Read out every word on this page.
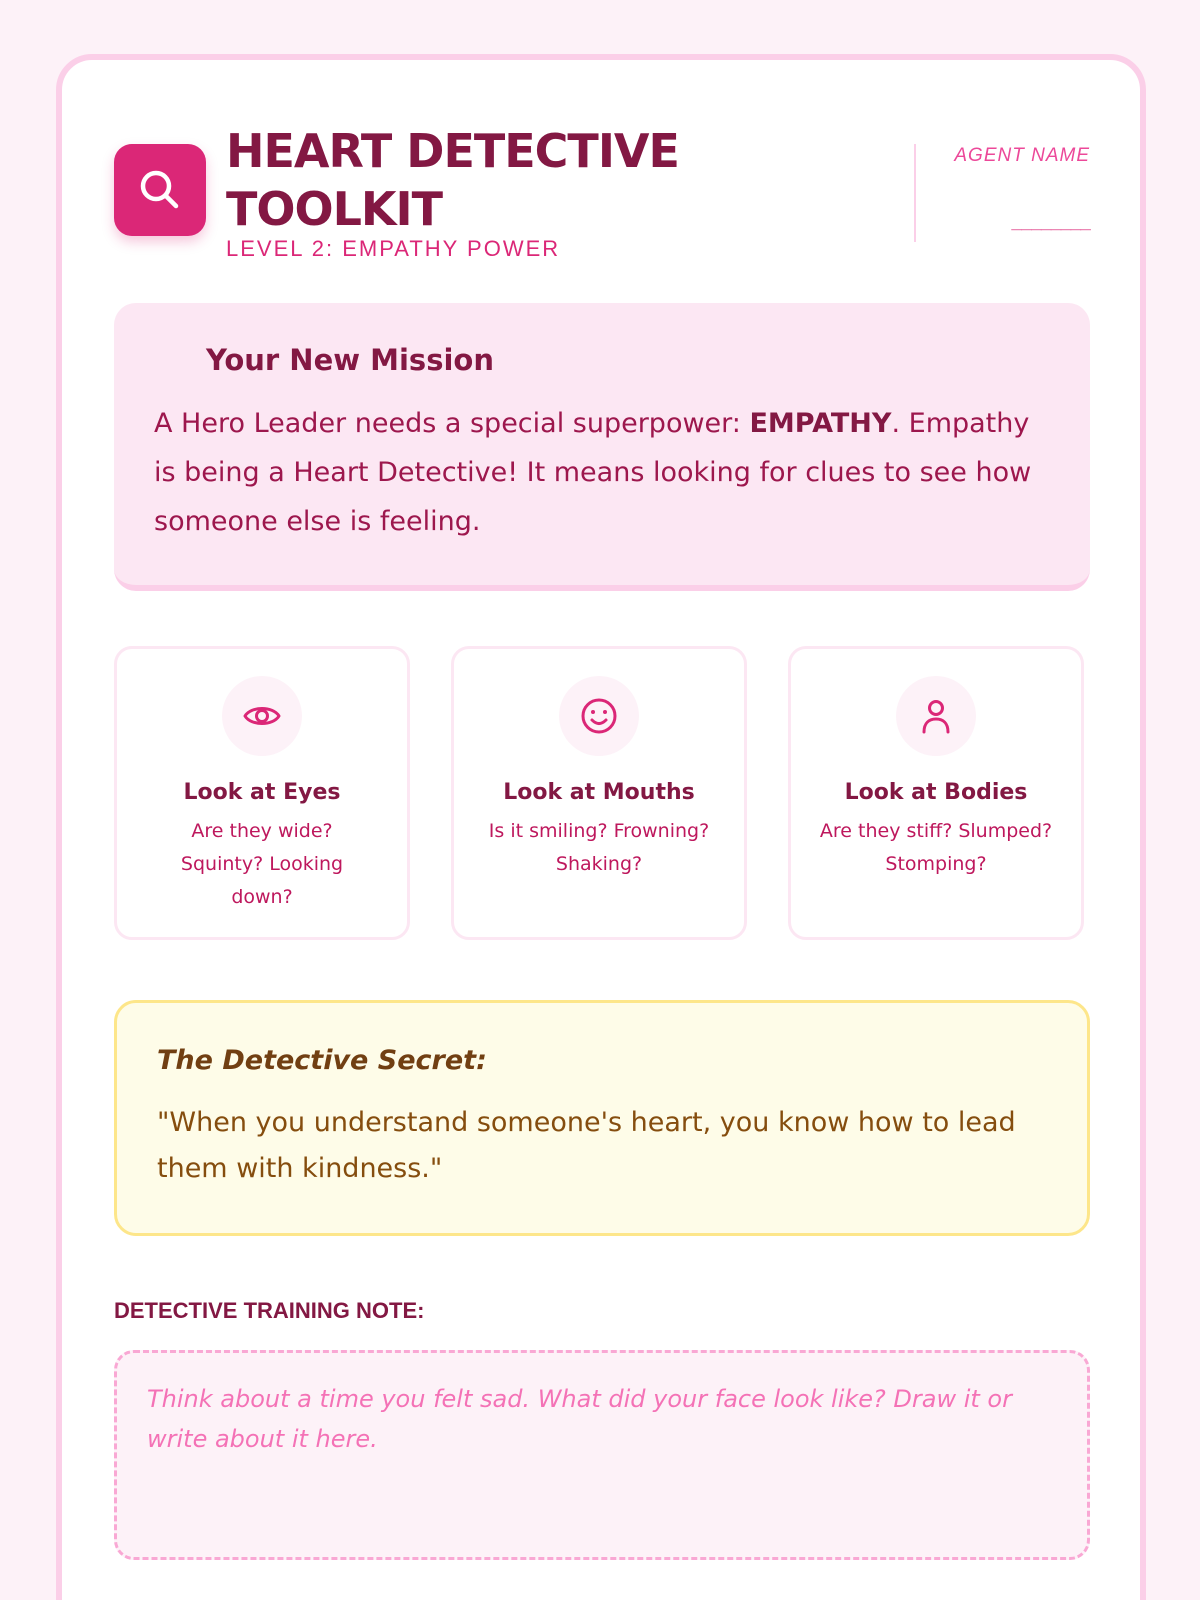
HEART DETECTIVE TOOLKIT
LEVEL 2: EMPATHY POWER
AGENT NAME
________
Your New Mission
A Hero Leader needs a special superpower: EMPATHY. Empathy is being a Heart Detective! It means looking for clues to see how someone else is feeling.
Look at Eyes
Are they wide? Squinty? Looking down?
Look at Mouths
Is it smiling? Frowning? Shaking?
Look at Bodies
Are they stiff? Slumped? Stomping?
The Detective Secret:
"When you understand someone's heart, you know how to lead them with kindness."
DETECTIVE TRAINING NOTE:
Think about a time you felt sad. What did your face look like? Draw it or write about it here.
